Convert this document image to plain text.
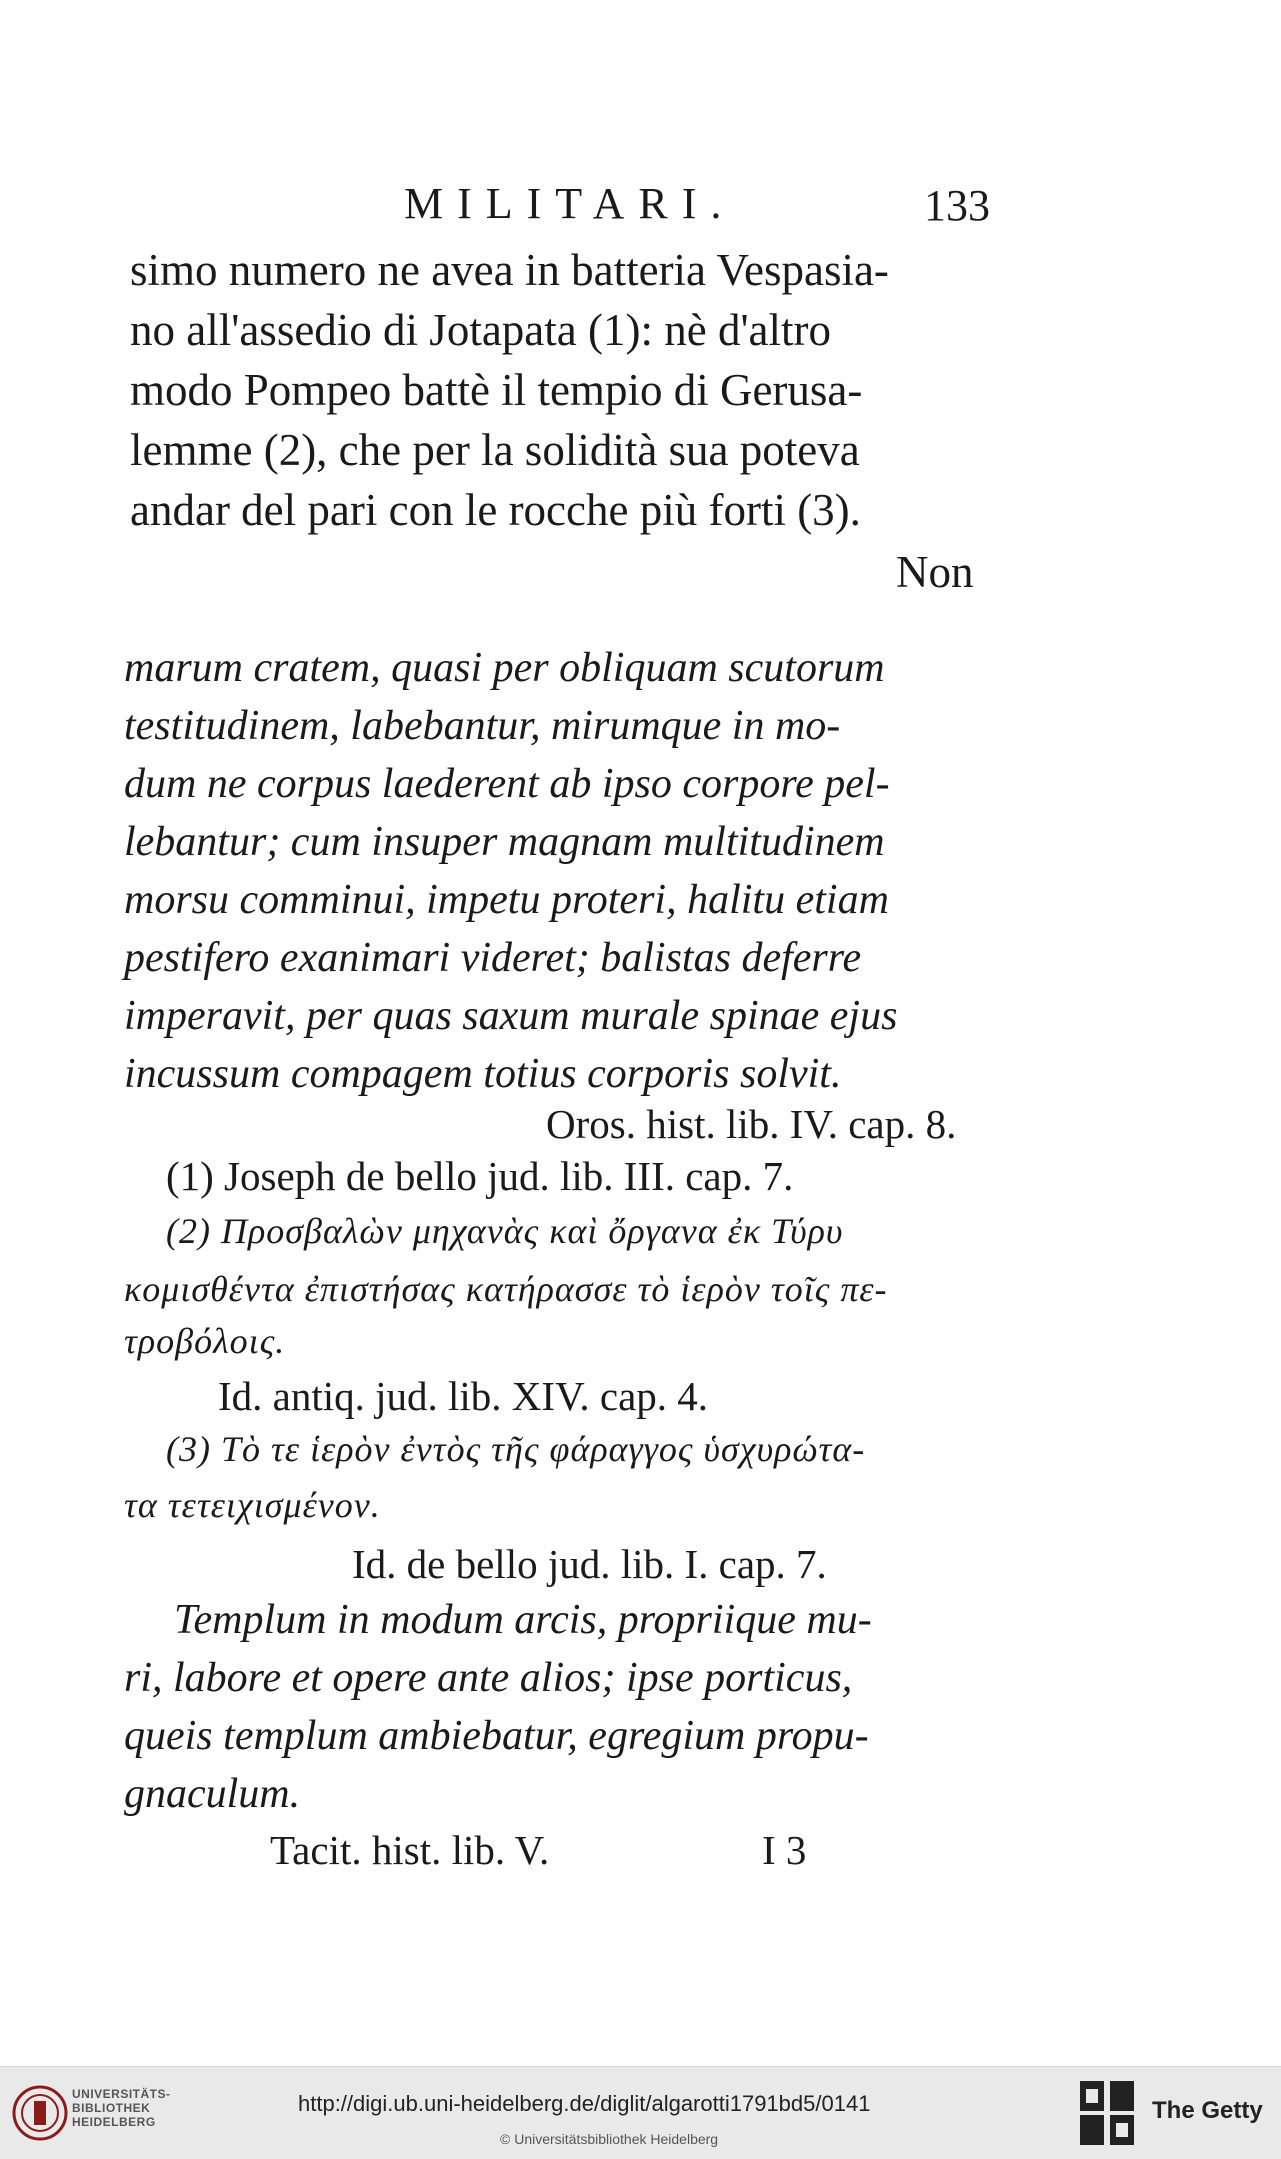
MILITARI.	133
simo numero ne avea in batteria Vespasia-
no all'assedio di Jotapata (1): nè d'altro
modo Pompeo battè il tempio di Gerusa-
lemme (2), che per la solidità sua poteva
andar del pari con le rocche più forti (3).
Non
marum cratem, quasi per obliquam scutorum
testitudinem, labebantur, mirumque in mo-
dum ne corpus laederent ab ipso corpore pel-
lebantur; cum insuper magnam multitudinem
morsu comminui, impetu proteri, halitu etiam
pestifero exanimari videret; balistas deferre
imperavit, per quas saxum murale spinae ejus
incussum compagem totius corporis solvit.
Oros. hist. lib. IV. cap. 8.
(1) Joseph de bello jud. lib. III. cap. 7.
(2) Προσβαλὼν μηχανὰς καὶ ὄργανα ἐκ Τύρυ
κομισθέντα ἐπιστήσας κατήρασσε τὸ ἱερὸν τοῖς πε-
τροβόλοις.
Id. antiq. jud. lib. XIV. cap. 4.
(3) Τὸ τε ἱερὸν ἐντὸς τῆς φάραγγος ὑσχυρώτα-
τα τετειχισμένον.
Id. de bello jud. lib. I. cap. 7.
Templum in modum arcis, propriique mu-
ri, labore et opere ante alios; ipse porticus,
queis templum ambiebatur, egregium propu-
gnaculum.
Tacit. hist. lib. V.	I 3
UNIVERSITÄTS-
BIBLIOTHEK
HEIDELBERG
http://digi.ub.uni-heidelberg.de/diglit/algarotti1791bd5/0141
© Universitätsbibliothek Heidelberg
The Getty
